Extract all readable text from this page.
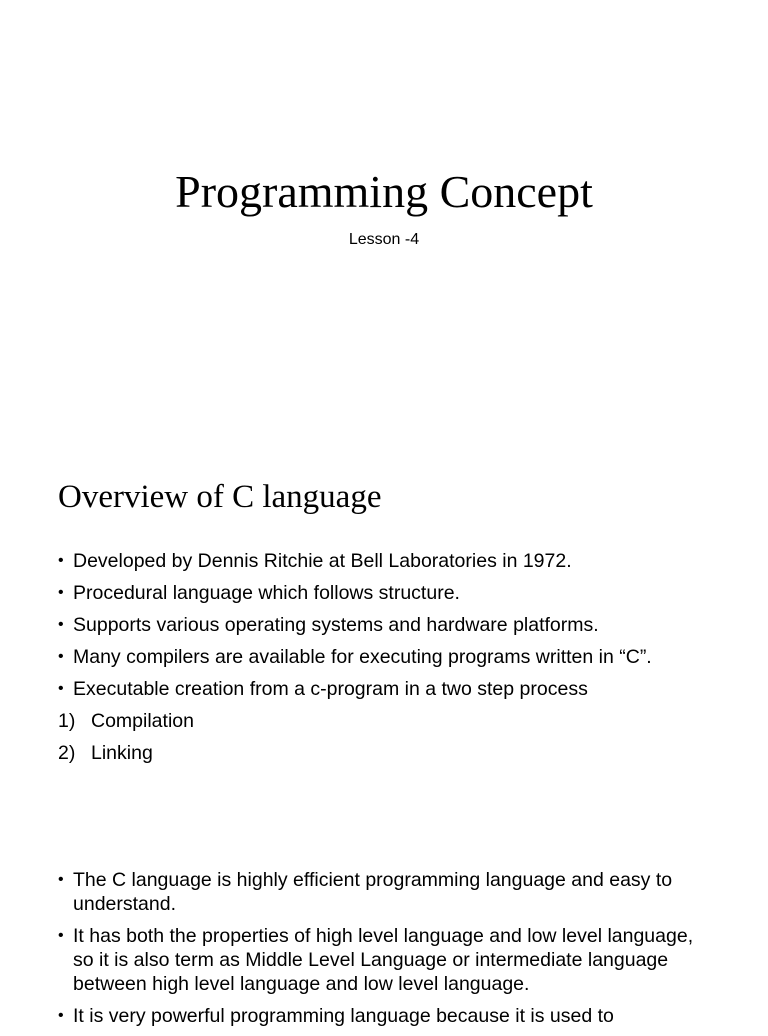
Programming Concept

Lesson -4

Overview of C language
• Developed by Dennis Ritchie at Bell Laboratories in 1972.
• Procedural language which follows structure.
• Supports various operating systems and hardware platforms.
• Many compilers are available for executing programs written in “C”.
• Executable creation from a c-program in a two step process
1) Compilation
2) Linking
• The C language is highly efficient programming language and easy to understand.
• It has both the properties of high level language and low level language, so it is also term as Middle Level Language or intermediate language between high level language and low level language.
• It is very powerful programming language because it is used to
